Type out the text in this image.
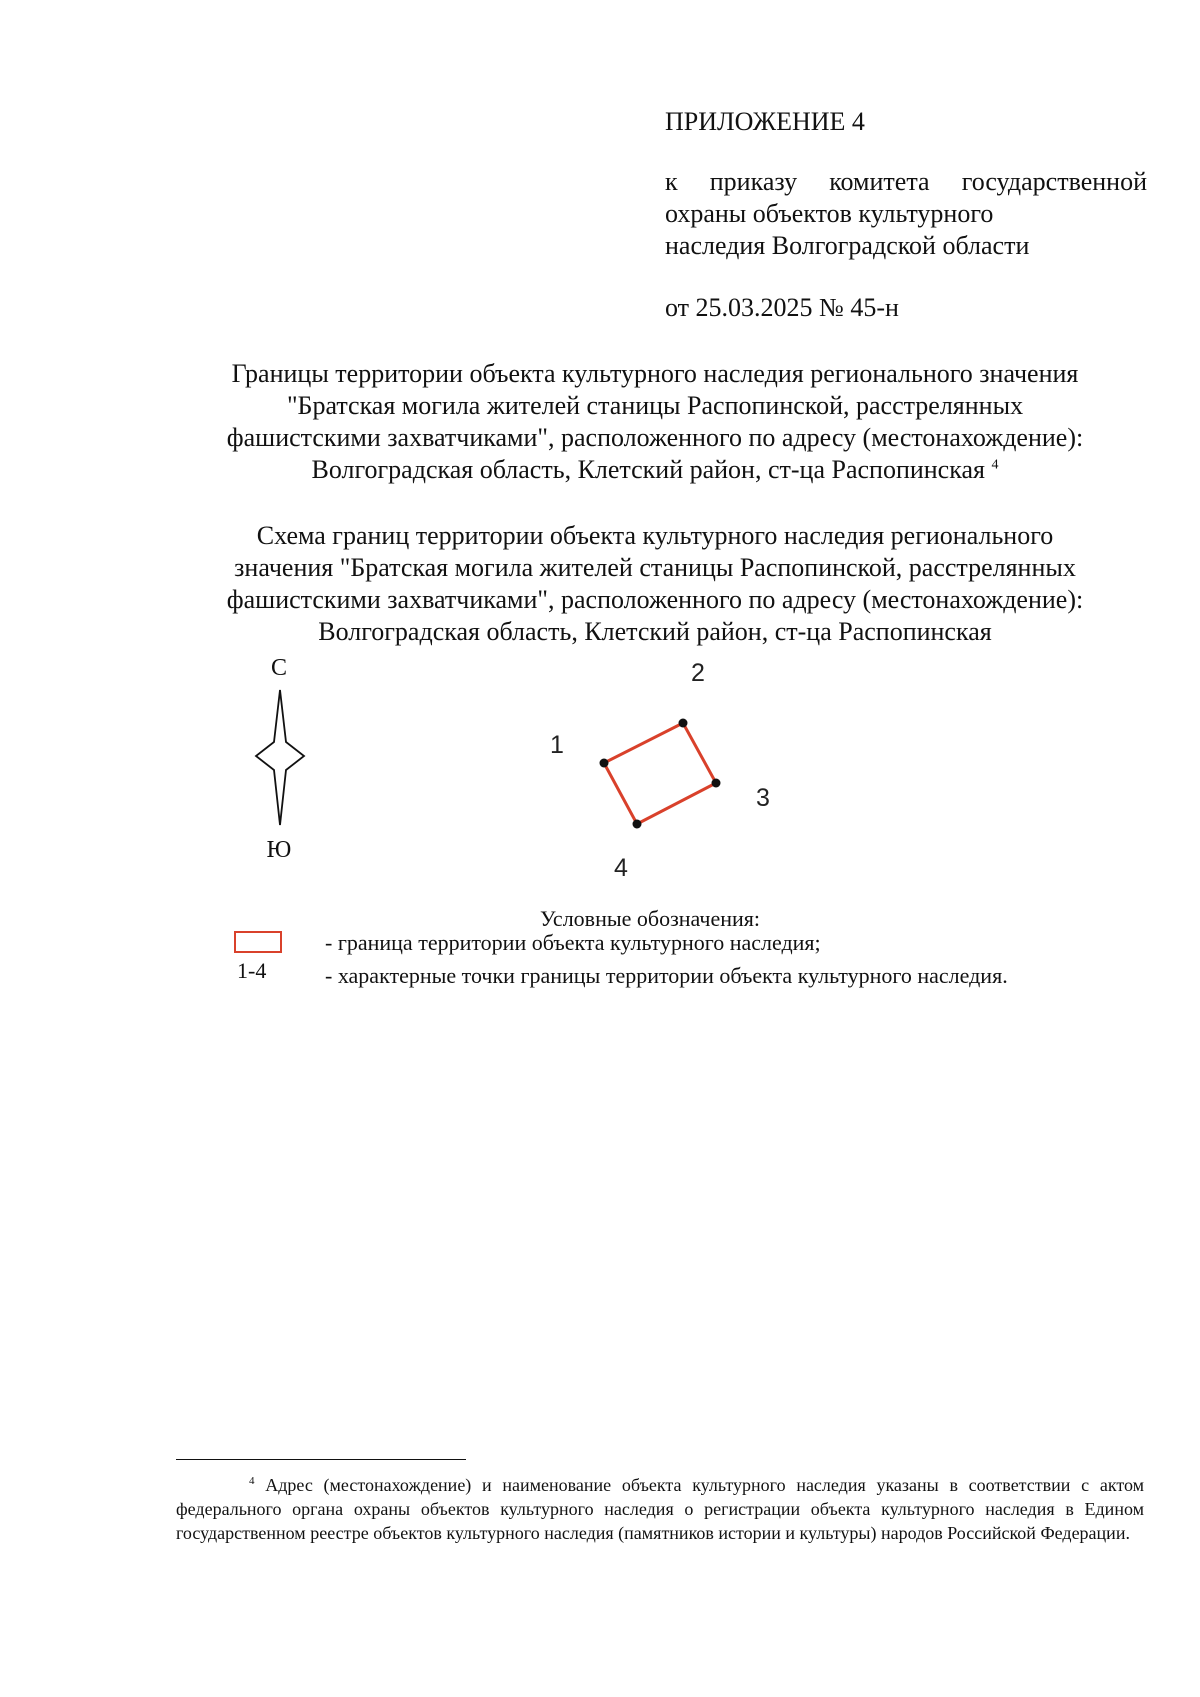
ПРИЛОЖЕНИЕ 4
к приказу комитета государственной
охраны объектов культурного
наследия Волгоградской области
от 25.03.2025 № 45-н
Границы территории объекта культурного наследия регионального значения
"Братская могила жителей станицы Распопинской, расстрелянных
фашистскими захватчиками", расположенного по адресу (местонахождение):
Волгоградская область, Клетский район, ст-ца Распопинская $^4$
Схема границ территории объекта культурного наследия регионального
значения "Братская могила жителей станицы Распопинской, расстрелянных
фашистскими захватчиками", расположенного по адресу (местонахождение):
Волгоградская область, Клетский район, ст-ца Распопинская
С
Ю
1
2
3
4
Условные обозначения:
- граница территории объекта культурного наследия;
1-4	- характерные точки границы территории объекта культурного наследия.
$^4$ Адрес (местонахождение) и наименование объекта культурного наследия указаны в соответствии с актом федерального органа охраны объектов культурного наследия о регистрации объекта культурного наследия в Едином государственном реестре объектов культурного наследия (памятников истории и культуры) народов Российской Федерации.
